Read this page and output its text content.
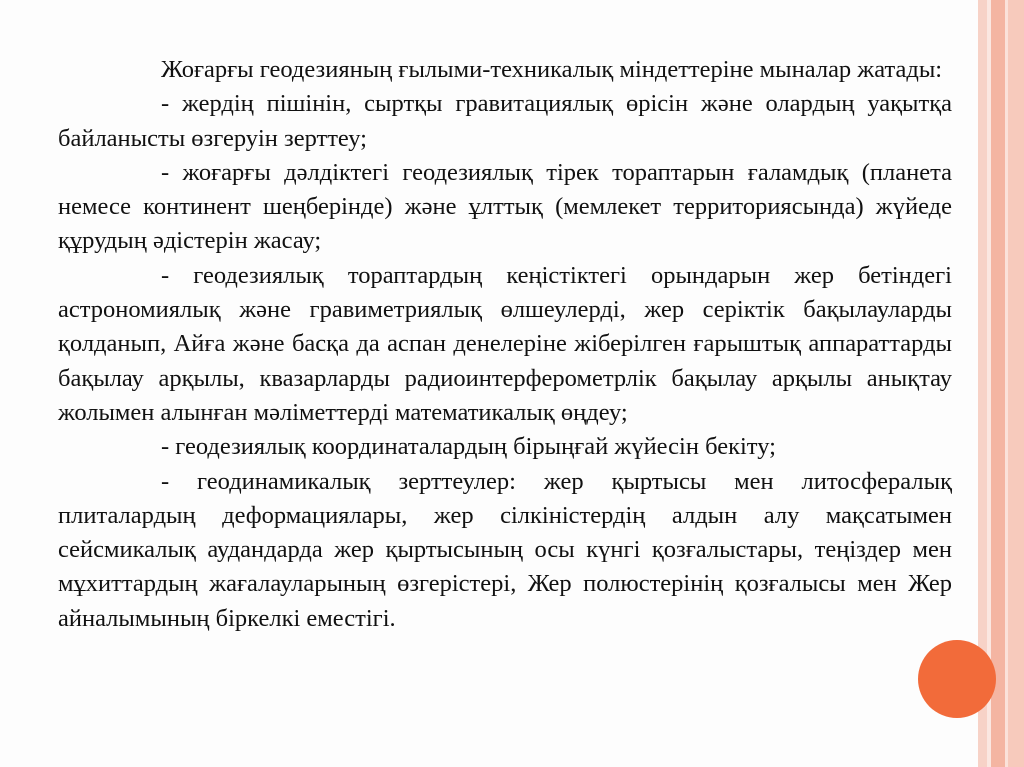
Жоғарғы геодезияның ғылыми-техникалық міндеттеріне мыналар жатады:

- жердің пішінін, сыртқы гравитациялық өрісін және олардың уақытқа байланысты өзгеруін зерттеу;

- жоғарғы дәлдіктегі геодезиялық тірек тораптарын ғаламдық (планета немесе континент шеңберінде) және ұлттық (мемлекет территориясында) жүйеде құрудың әдістерін жасау;

- геодезиялық тораптардың кеңістіктегі орындарын жер бетіндегі астрономиялық және гравиметриялық өлшеулерді, жер серіктік бақылауларды қолданып, Айға және басқа да аспан денелеріне жіберілген ғарыштық аппараттарды бақылау арқылы, квазарларды радиоинтерферометрлік бақылау арқылы анықтау жолымен алынған мәліметтерді математикалық өңдеу;

- геодезиялық координаталардың бірыңғай жүйесін бекіту;

- геодинамикалық зерттеулер: жер қыртысы мен литосфералық плиталардың деформациялары, жер сілкіністердің алдын алу мақсатымен сейсмикалық аудандарда жер қыртысының осы күнгі қозғалыстары, теңіздер мен мұхиттардың жағалауларының өзгерістері, Жер полюстерінің қозғалысы мен Жер айналымының біркелкі еместігі.
